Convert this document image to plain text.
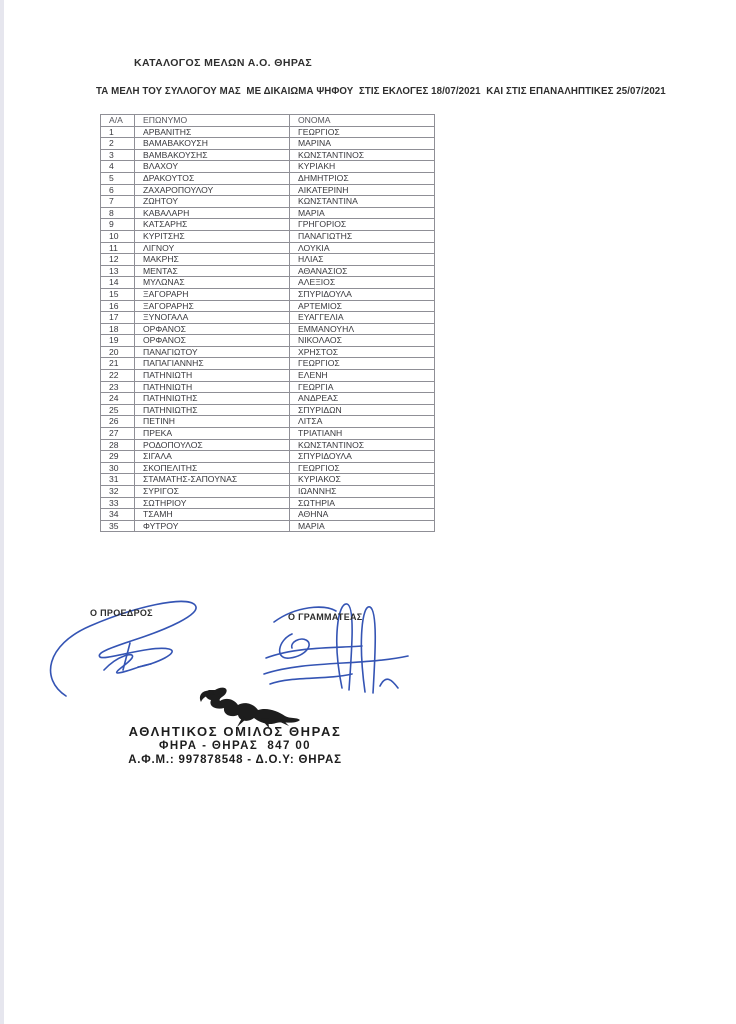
ΚΑΤΑΛΟΓΟΣ ΜΕΛΩΝ Α.Ο. ΘΗΡΑΣ
ΤΑ ΜΕΛΗ ΤΟΥ ΣΥΛΛΟΓΟΥ ΜΑΣ  ΜΕ ΔΙΚΑΙΩΜΑ ΨΗΦΟΥ  ΣΤΙΣ ΕΚΛΟΓΕΣ 18/07/2021  ΚΑΙ ΣΤΙΣ ΕΠΑΝΑΛΗΠΤΙΚΕΣ 25/07/2021
Α/Α	ΕΠΩΝΥΜΟ	ΟΝΟΜΑ
1	ΑΡΒΑΝΙΤΗΣ	ΓΕΩΡΓΙΟΣ
2	ΒΑΜΑΒΑΚΟΥΣΗ	ΜΑΡΙΝΑ
3	ΒΑΜΒΑΚΟΥΣΗΣ	ΚΩΝΣΤΑΝΤΙΝΟΣ
4	ΒΛΑΧΟΥ	ΚΥΡΙΑΚΗ
5	ΔΡΑΚΟΥΤΟΣ	ΔΗΜΗΤΡΙΟΣ
6	ΖΑΧΑΡΟΠΟΥΛΟΥ	ΑΙΚΑΤΕΡΙΝΗ
7	ΖΩΗΤΟΥ	ΚΩΝΣΤΑΝΤΙΝΑ
8	ΚΑΒΑΛΑΡΗ	ΜΑΡΙΑ
9	ΚΑΤΣΑΡΗΣ	ΓΡΗΓΟΡΙΟΣ
10	ΚΥΡΙΤΣΗΣ	ΠΑΝΑΓΙΩΤΗΣ
11	ΛΙΓΝΟΥ	ΛΟΥΚΙΑ
12	ΜΑΚΡΗΣ	ΗΛΙΑΣ
13	ΜΕΝΤΑΣ	ΑΘΑΝΑΣΙΟΣ
14	ΜΥΛΩΝΑΣ	ΑΛΕΞΙΟΣ
15	ΞΑΓΟΡΑΡΗ	ΣΠΥΡΙΔΟΥΛΑ
16	ΞΑΓΟΡΑΡΗΣ	ΑΡΤΕΜΙΟΣ
17	ΞΥΝΟΓΑΛΑ	ΕΥΑΓΓΕΛΙΑ
18	ΟΡΦΑΝΟΣ	ΕΜΜΑΝΟΥΗΛ
19	ΟΡΦΑΝΟΣ	ΝΙΚΟΛΑΟΣ
20	ΠΑΝΑΓΙΩΤΟΥ	ΧΡΗΣΤΟΣ
21	ΠΑΠΑΓΙΑΝΝΗΣ	ΓΕΩΡΓΙΟΣ
22	ΠΑΤΗΝΙΩΤΗ	ΕΛΕΝΗ
23	ΠΑΤΗΝΙΩΤΗ	ΓΕΩΡΓΙΑ
24	ΠΑΤΗΝΙΩΤΗΣ	ΑΝΔΡΕΑΣ
25	ΠΑΤΗΝΙΩΤΗΣ	ΣΠΥΡΙΔΩΝ
26	ΠΕΤΙΝΗ	ΛΙΤΣΑ
27	ΠΡΕΚΑ	ΤΡΙΑΤΙΑΝΗ
28	ΡΟΔΟΠΟΥΛΟΣ	ΚΩΝΣΤΑΝΤΙΝΟΣ
29	ΣΙΓΑΛΑ	ΣΠΥΡΙΔΟΥΛΑ
30	ΣΚΟΠΕΛΙΤΗΣ	ΓΕΩΡΓΙΟΣ
31	ΣΤΑΜΑΤΗΣ-ΣΑΠΟΥΝΑΣ	ΚΥΡΙΑΚΟΣ
32	ΣΥΡΙΓΟΣ	ΙΩΑΝΝΗΣ
33	ΣΩΤΗΡΙΟΥ	ΣΩΤΗΡΙΑ
34	ΤΣΑΜΗ	ΑΘΗΝΑ
35	ΦΥΤΡΟΥ	ΜΑΡΙΑ
Ο ΠΡΟΕΔΡΟΣ	Ο ΓΡΑΜΜΑΤΕΑΣ
ΑΘΛΗΤΙΚΟΣ ΟΜΙΛΟΣ ΘΗΡΑΣ
ΦΗΡΑ - ΘΗΡΑΣ  847 00
Α.Φ.Μ.: 997878548 - Δ.Ο.Υ: ΘΗΡΑΣ
